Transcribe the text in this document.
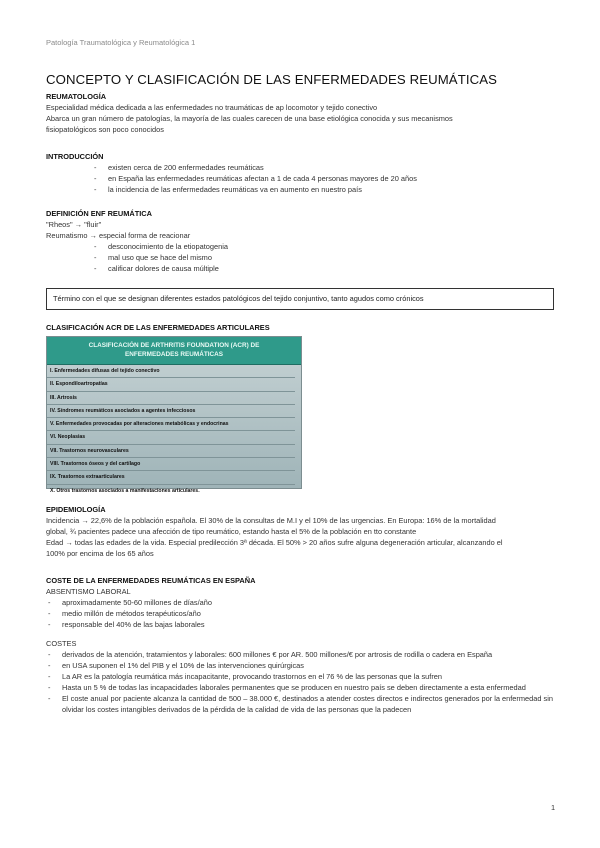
Patología Traumatológica y Reumatológica 1
CONCEPTO Y CLASIFICACIÓN DE LAS ENFERMEDADES REUMÁTICAS
REUMATOLOGÍA
Especialidad médica dedicada a las enfermedades no traumáticas de ap locomotor y tejido conectivo
Abarca un gran número de patologías, la mayoría de las cuales carecen de una base etiológica conocida y sus mecanismos fisiopatológicos son poco conocidos
INTRODUCCIÓN
- existen cerca de 200 enfermedades reumáticas
- en España las enfermedades reumáticas afectan a 1 de cada 4 personas mayores de 20 años
- la incidencia de las enfermedades reumáticas va en aumento en nuestro país
DEFINICIÓN ENF REUMÁTICA
"Rheos" → "fluir"
Reumatismo → especial forma de reacionar
- desconocimiento de la etiopatogenia
- mal uso que se hace del mismo
- calificar dolores de causa múltiple
Término con el que se designan diferentes estados patológicos del tejido conjuntivo, tanto agudos como crónicos
CLASIFICACIÓN ACR DE LAS ENFERMEDADES ARTICULARES
CLASIFICACIÓN DE ARTHRITIS FOUNDATION (ACR) DE
ENFERMEDADES REUMÁTICAS
I. Enfermedades difusas del tejido conectivo
II. Espondiloartropatías
III. Artrosis
IV. Síndromes reumáticos asociados a agentes infecciosos
V. Enfermedades provocadas por alteraciones metabólicas y endocrinas
VI. Neoplasias
VII. Trastornos neurovasculares
VIII. Trastornos óseos y del cartílago
IX. Trastornos extraarticulares
X. Otros trastornos asociados a manifestaciones articulares.
EPIDEMIOLOGÍA
Incidencia → 22,6% de la población española. El 30% de la consultas de M.I y el 10% de las urgencias. En Europa: 16% de la mortalidad
global, ¾ pacientes padece una afección de tipo reumático, estando hasta el 5% de la población en tto constante
Edad → todas las edades de la vida. Especial predilección 3ª década. El 50% > 20 años sufre alguna degeneración articular, alcanzando el
100% por encima de los 65 años
COSTE DE LA ENFERMEDADES REUMÁTICAS EN ESPAÑA
ABSENTISMO LABORAL
- aproximadamente 50-60 millones de días/año
- medio millón de métodos terapéuticos/año
- responsable del 40% de las bajas laborales
COSTES
- derivados de la atención, tratamientos y laborales: 600 millones € por AR. 500 millones/€ por artrosis de rodilla o cadera en España
- en USA suponen el 1% del PIB y el 10% de las intervenciones quirúrgicas
- La AR es la patología reumática más incapacitante, provocando trastornos en el 76 % de las personas que la sufren
- Hasta un 5 % de todas las incapacidades laborales permanentes que se producen en nuestro país se deben directamente a esta enfermedad
- El coste anual por paciente alcanza la cantidad de 500 – 38.000 €, destinados a atender costes directos e indirectos generados por la enfermedad sin olvidar los costes intangibles derivados de la pérdida de la calidad de vida de las personas que la padecen
1
